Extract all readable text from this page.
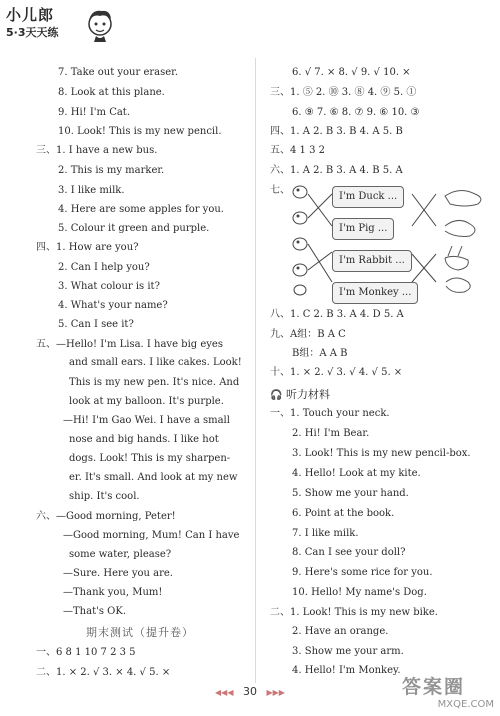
小儿郎
5·3天天练
7. Take out your eraser.
8. Look at this plane.
9. Hi! I'm Cat.
10. Look! This is my new pencil.
三、1. I have a new bus.
2. This is my marker.
3. I like milk.
4. Here are some apples for you.
5. Colour it green and purple.
四、1. How are you?
2. Can I help you?
3. What colour is it?
4. What's your name?
5. Can I see it?
五、—Hello! I'm Lisa. I have big eyes
and small ears. I like cakes. Look!
This is my new pen. It's nice. And
look at my balloon. It's purple.
—Hi! I'm Gao Wei. I have a small
nose and big hands. I like hot
dogs. Look! This is my sharpen-
er. It's small. And look at my new
ship. It's cool.
六、—Good morning, Peter!
—Good morning, Mum! Can I have
some water, please?
—Sure. Here you are.
—Thank you, Mum!
—That's OK.
期末测试（提升卷）
一、6 8 1 10 7 2 3 5
二、1. × 2. √ 3. × 4. √ 5. ×
6. √ 7. × 8. √ 9. √ 10. ×
三、1. ⑤ 2. ⑩ 3. ⑧ 4. ⑨ 5. ①
6. ⑨ 7. ⑥ 8. ⑦ 9. ⑥ 10. ③
四、1. A 2. B 3. B 4. A 5. B
五、4 1 3 2
六、1. A 2. B 3. A 4. B 5. A
七、
I'm Duck ...
I'm Pig ...
I'm Rabbit ...
I'm Monkey ...
八、1. C 2. B 3. A 4. D 5. A
九、A组：B A C
B组：A A B
十、1. × 2. √ 3. √ 4. √ 5. ×
🎧 听力材料
一、1. Touch your neck.
2. Hi! I'm Bear.
3. Look! This is my new pencil-box.
4. Hello! Look at my kite.
5. Show me your hand.
6. Point at the book.
7. I like milk.
8. Can I see your doll?
9. Here's some rice for you.
10. Hello! My name's Dog.
二、1. Look! This is my new bike.
2. Have an orange.
3. Show me your arm.
4. Hello! I'm Monkey.
◀◀◀ 30 ▶▶▶	答案圈
MXQE.COM
